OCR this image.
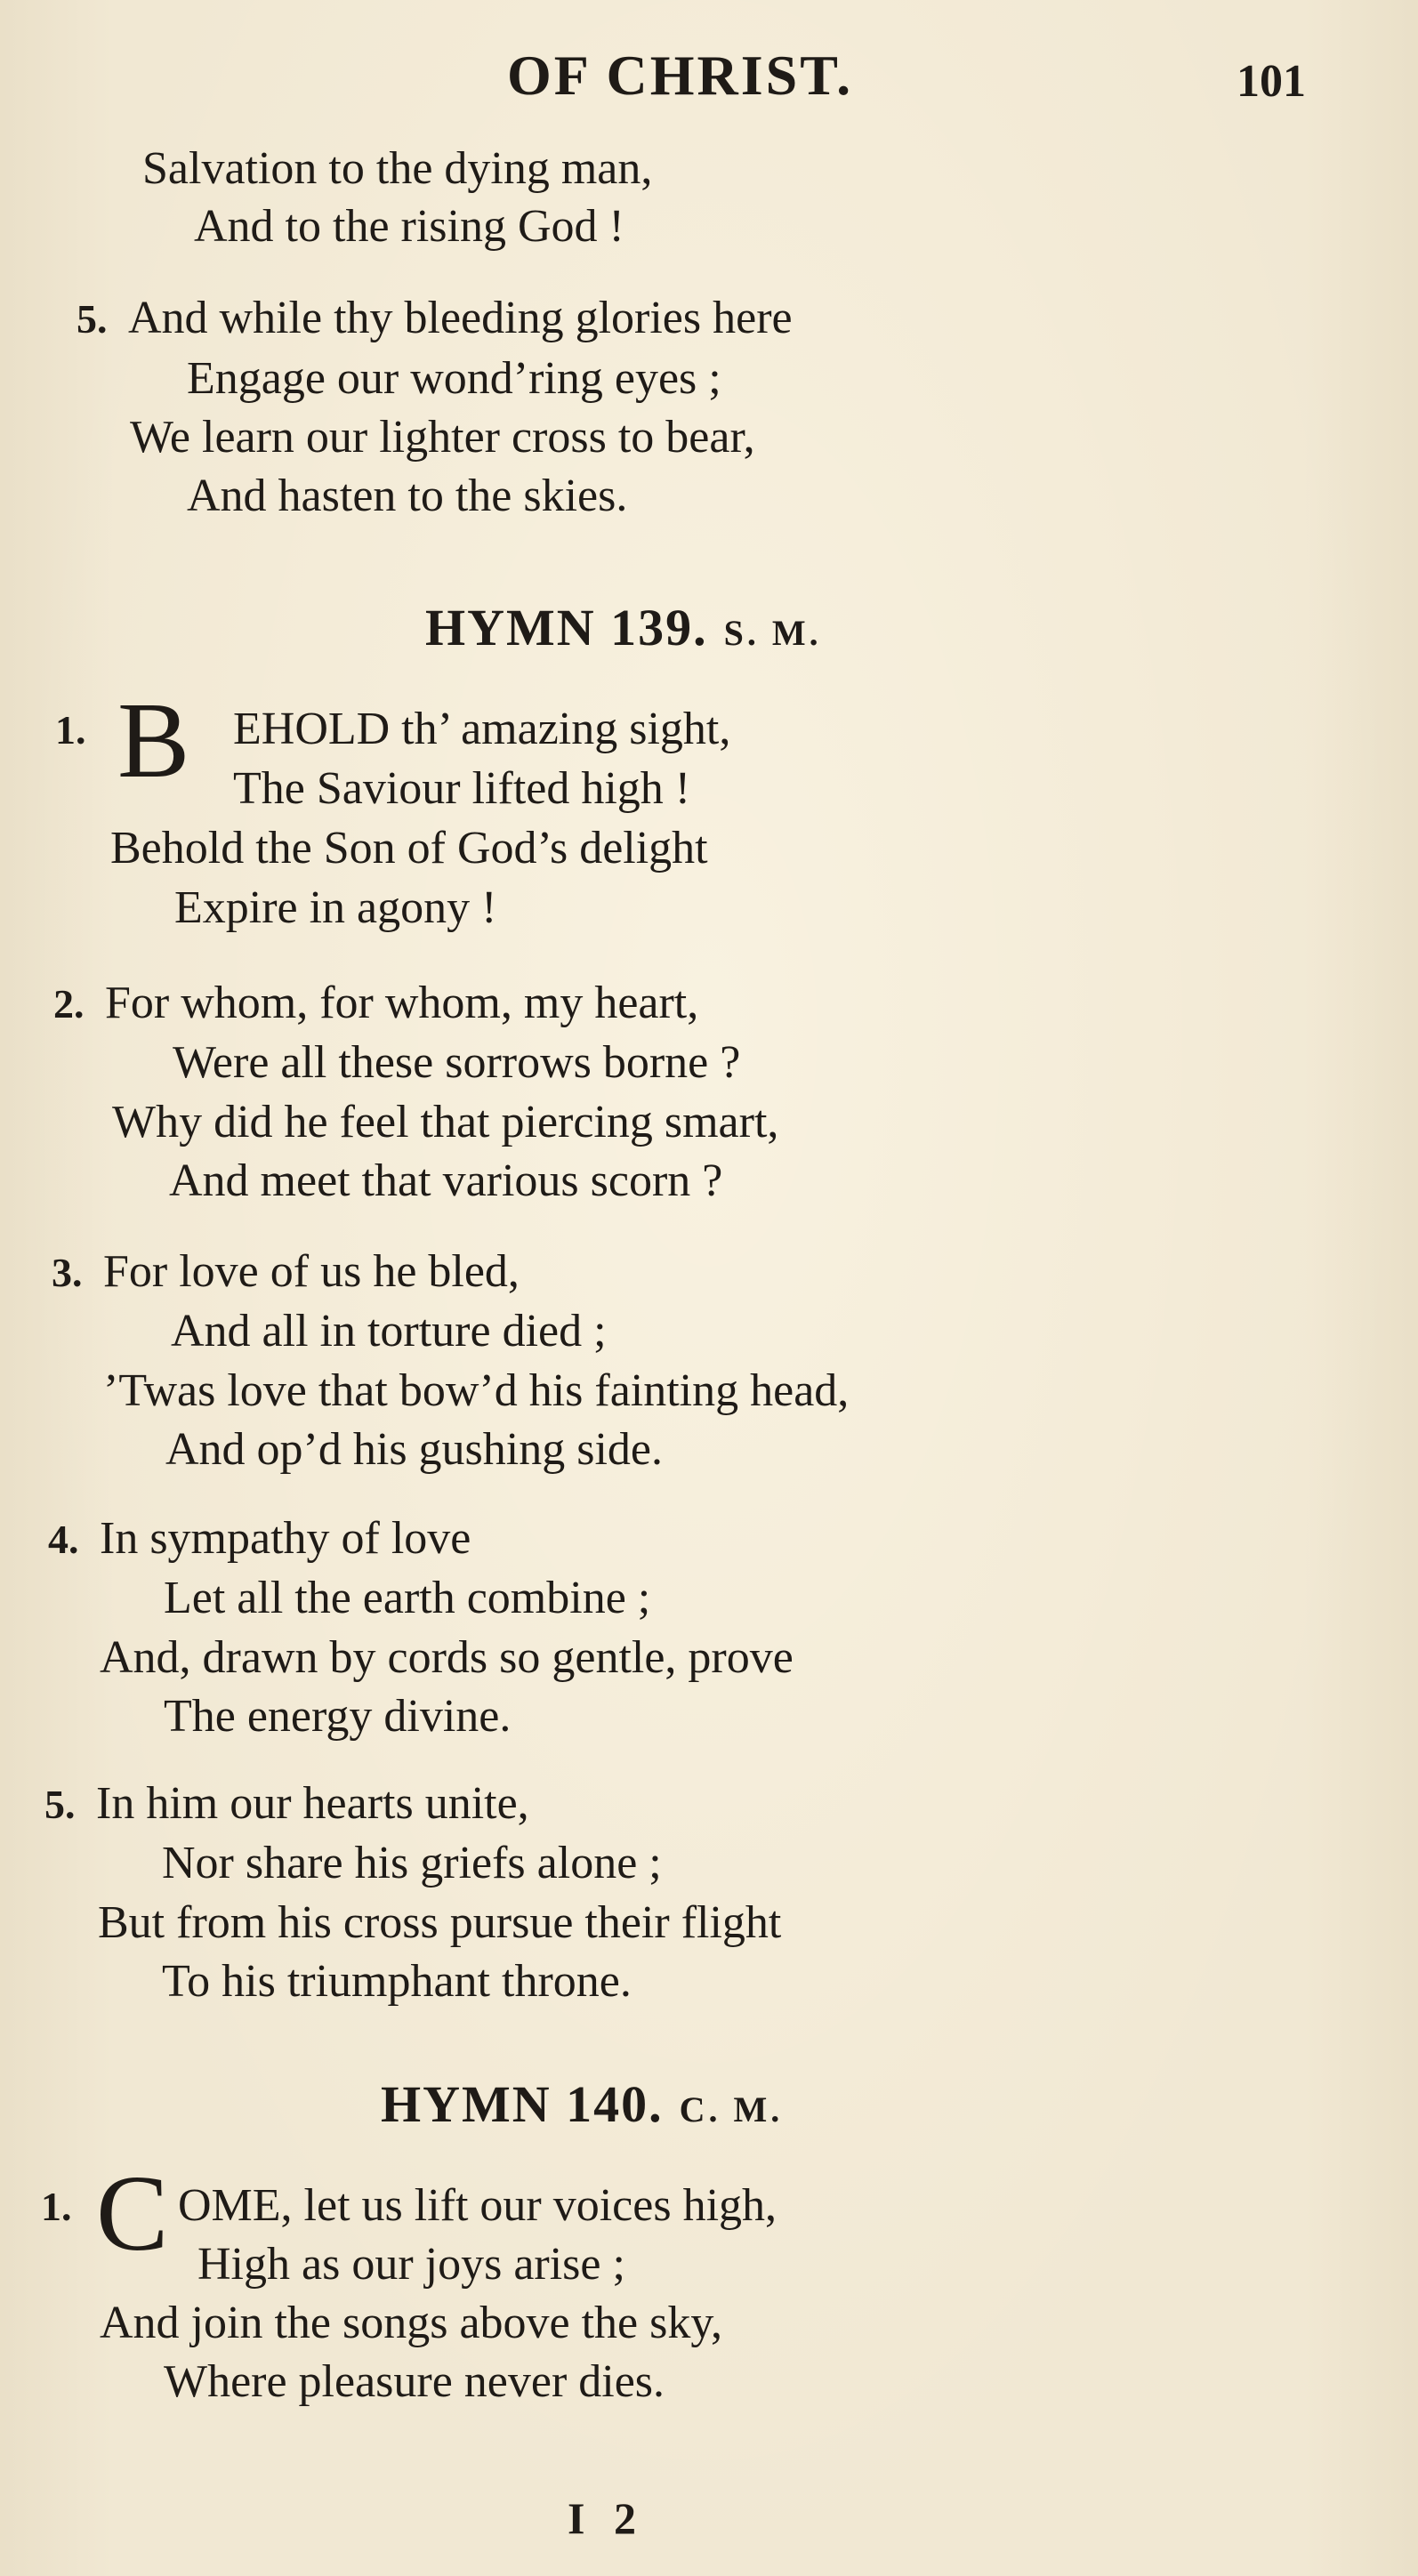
OF CHRIST.	101
Salvation to the dying man,
And to the rising God !
5. And while thy bleeding glories here
Engage our wond’ring eyes ;
We learn our lighter cross to bear,
And hasten to the skies.
HYMN 139. S. M.
1. B EHOLD th’ amazing sight,
The Saviour lifted high !
Behold the Son of God’s delight
Expire in agony !
2. For whom, for whom, my heart,
Were all these sorrows borne ?
Why did he feel that piercing smart,
And meet that various scorn ?
3. For love of us he bled,
And all in torture died ;
’Twas love that bow’d his fainting head,
And op’d his gushing side.
4. In sympathy of love
Let all the earth combine ;
And, drawn by cords so gentle, prove
The energy divine.
5. In him our hearts unite,
Nor share his griefs alone ;
But from his cross pursue their flight
To his triumphant throne.
HYMN 140. C. M.
1. C OME, let us lift our voices high,
High as our joys arise ;
And join the songs above the sky,
Where pleasure never dies.
I 2
